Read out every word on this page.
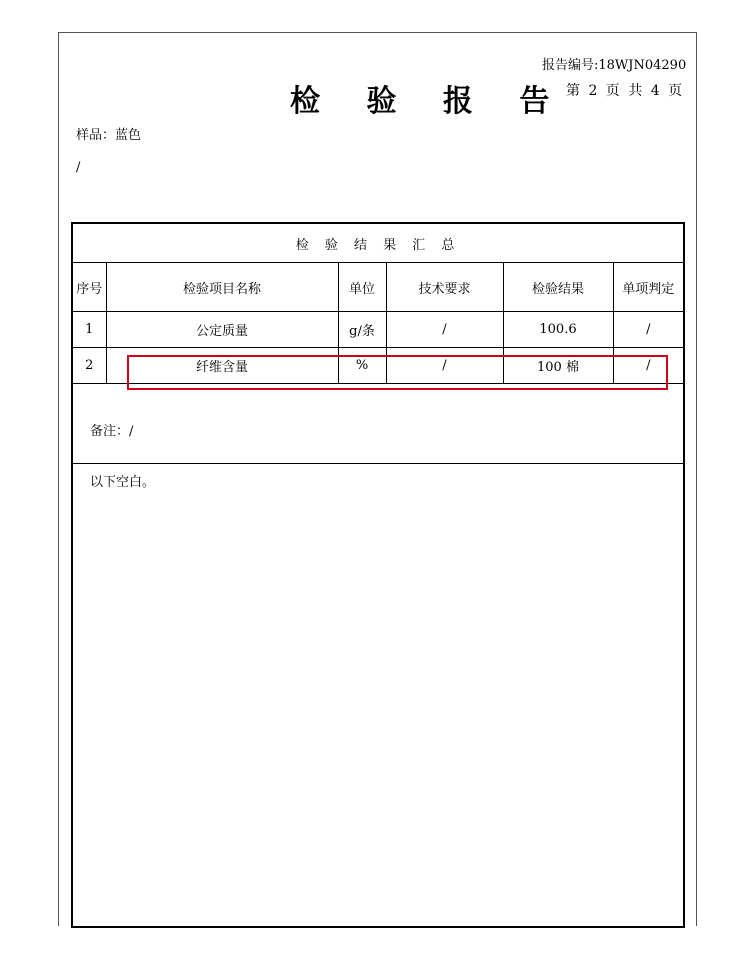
报告编号:18WJN04290
检 验 报 告
第 2 页 共 4 页
样品：蓝色
/
检 验 结 果 汇 总					
序号	检验项目名称	单位	技术要求	检验结果	单项判定
1	公定质量	g/条	/	100.6	/
2	纤维含量	%	/	100 棉	/
备注：/
以下空白。
